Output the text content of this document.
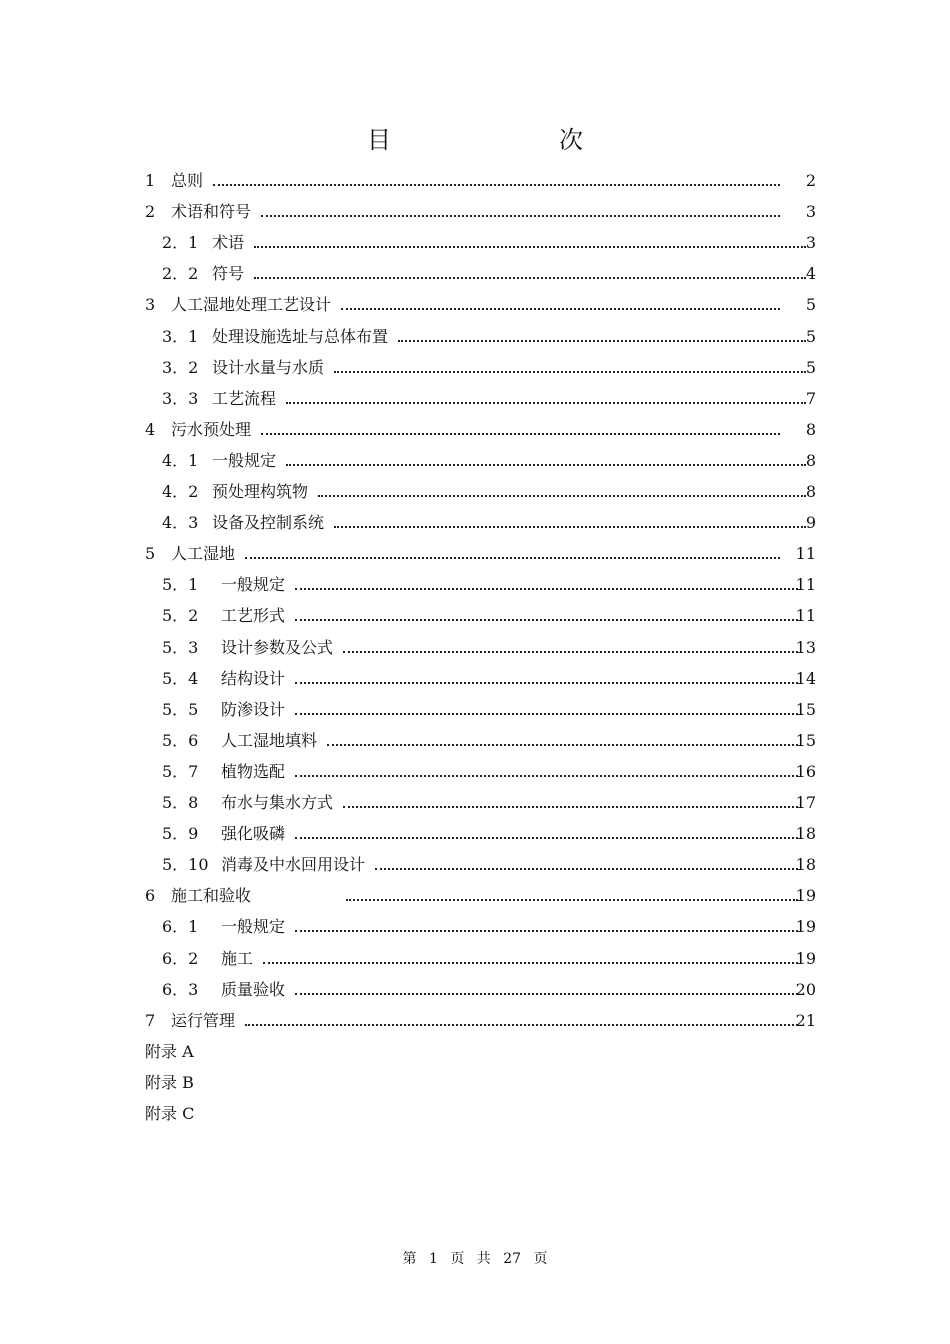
目　　次
1 总则	2
2 术语和符号	3
2．1 术语	3
2．2 符号	4
3 人工湿地处理工艺设计	5
3．1 处理设施选址与总体布置	5
3．2 设计水量与水质	5
3．3 工艺流程	7
4 污水预处理	8
4．1 一般规定	8
4．2 预处理构筑物	8
4．3 设备及控制系统	9
5 人工湿地	11
5．1 一般规定	11
5．2 工艺形式	11
5．3 设计参数及公式	13
5．4 结构设计	14
5．5 防渗设计	15
5．6 人工湿地填料	15
5．7 植物选配	16
5．8 布水与集水方式	17
5．9 强化吸磷	18
5．10 消毒及中水回用设计	18
6 施工和验收	19
6．1 一般规定	19
6．2 施工	19
6．3 质量验收	20
7 运行管理	21
附录 A
附录 B
附录 C
第 1 页 共 27 页
